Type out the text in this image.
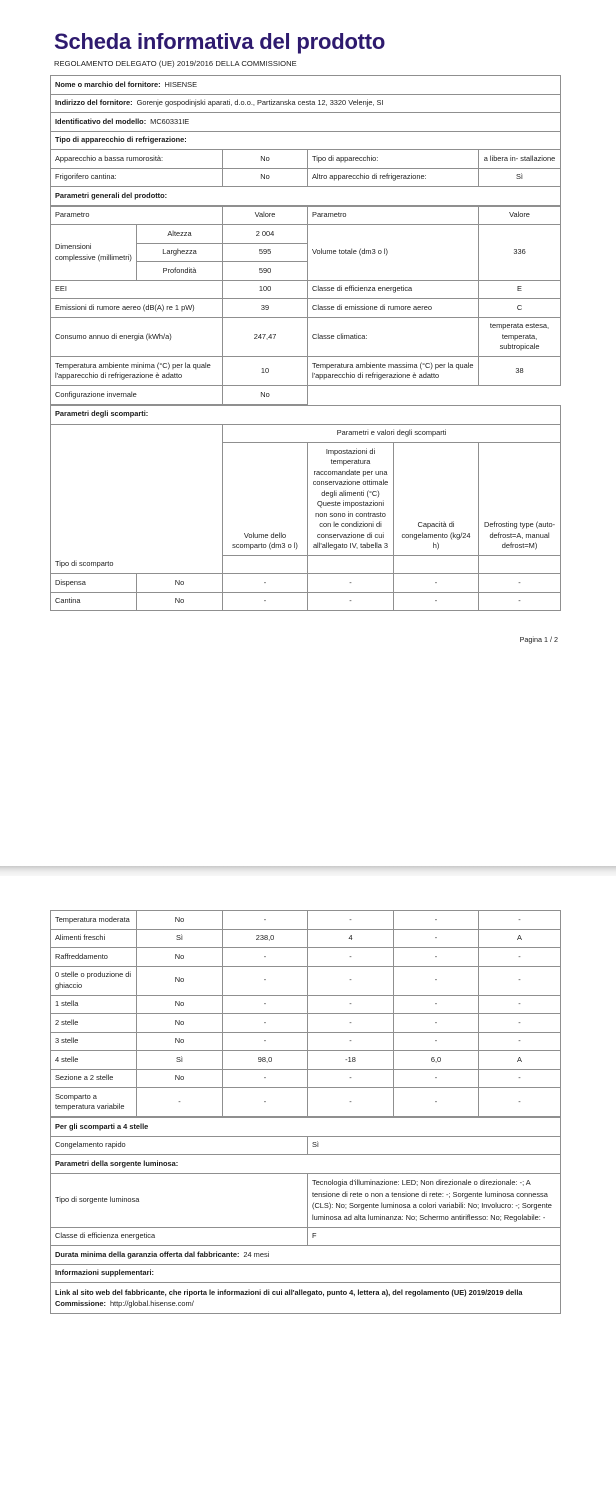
Scheda informativa del prodotto
REGOLAMENTO DELEGATO (UE) 2019/2016 DELLA COMMISSIONE
Nome o marchio del fornitore: HISENSE			
Indirizzo del fornitore: Gorenje gospodinjski aparati, d.o.o., Partizanska cesta 12, 3320 Velenje, SI			
Identificativo del modello: MC60331IE			
Tipo di apparecchio di refrigerazione:			
Apparecchio a bassa rumorosità:	No	Tipo di apparecchio:	a libera in- stallazione
Frigorifero cantina:	No	Altro apparecchio di refrigerazione:	Sì
Parametri generali del prodotto:			
Parametro		Valore	Parametro	Valore
Dimensioni complessive (millimetri)	Altezza	2 004	Volume totale (dm3 o l)	336
	Larghezza	595		
	Profondità	590		
EEI		100	Classe di efficienza energetica	E
Emissioni di rumore aereo (dB(A) re 1 pW)		39	Classe di emissione di rumore aereo	C
Consumo annuo di energia (kWh/a)		247,47	Classe climatica:	temperata estesa, temperata, subtropicale
Temperatura ambiente minima (°C) per la quale l'apparecchio di refrigerazione è adatto		10	Temperatura ambiente massima (°C) per la quale l'apparecchio di refrigerazione è adatto	38
Configurazione invernale		No		
Parametri degli scomparti:					
		Parametri e valori degli scomparti			
		Volume dello scomparto (dm3 o l)	Impostazioni di temperatura raccomandate per una conservazione ottimale degli alimenti (°C) Queste impostazioni non sono in contrasto con le condizioni di conservazione di cui all'allegato IV, tabella 3	Capacità di congelamento (kg/24 h)	Defrosting type (auto-defrost=A, manual defrost=M)
Tipo di scomparto					
Dispensa	No	-	-	-	-
Cantina	No	-	-	-	-
Pagina 1 / 2
Temperatura moderata	No	-	-	-	-
Alimenti freschi	Sì	238,0	4	-	A
Raffreddamento	No	-	-	-	-
0 stelle o produzione di ghiaccio	No	-	-	-	-
1 stella	No	-	-	-	-
2 stelle	No	-	-	-	-
3 stelle	No	-	-	-	-
4 stelle	Sì	98,0	-18	6,0	A
Sezione a 2 stelle	No	-	-	-	-
Scomparto a temperatura variabile	-	-	-	-	-
Per gli scomparti a 4 stelle	
Congelamento rapido	Sì
Parametri della sorgente luminosa:	
Tipo di sorgente luminosa	Tecnologia d'illuminazione: LED; Non direzionale o direzionale: -; A tensione di rete o non a tensione di rete: -; Sorgente luminosa connessa (CLS): No; Sorgente luminosa a colori variabili: No; Involucro: -; Sorgente luminosa ad alta luminanza: No; Schermo antiriflesso: No; Regolabile: -
Classe di efficienza energetica	F
Durata minima della garanzia offerta dal fabbricante: 24 mesi	
Informazioni supplementari:	
Link al sito web del fabbricante, che riporta le informazioni di cui all'allegato, punto 4, lettera a), del regolamento (UE) 2019/2019 della Commissione: http://global.hisense.com/	
